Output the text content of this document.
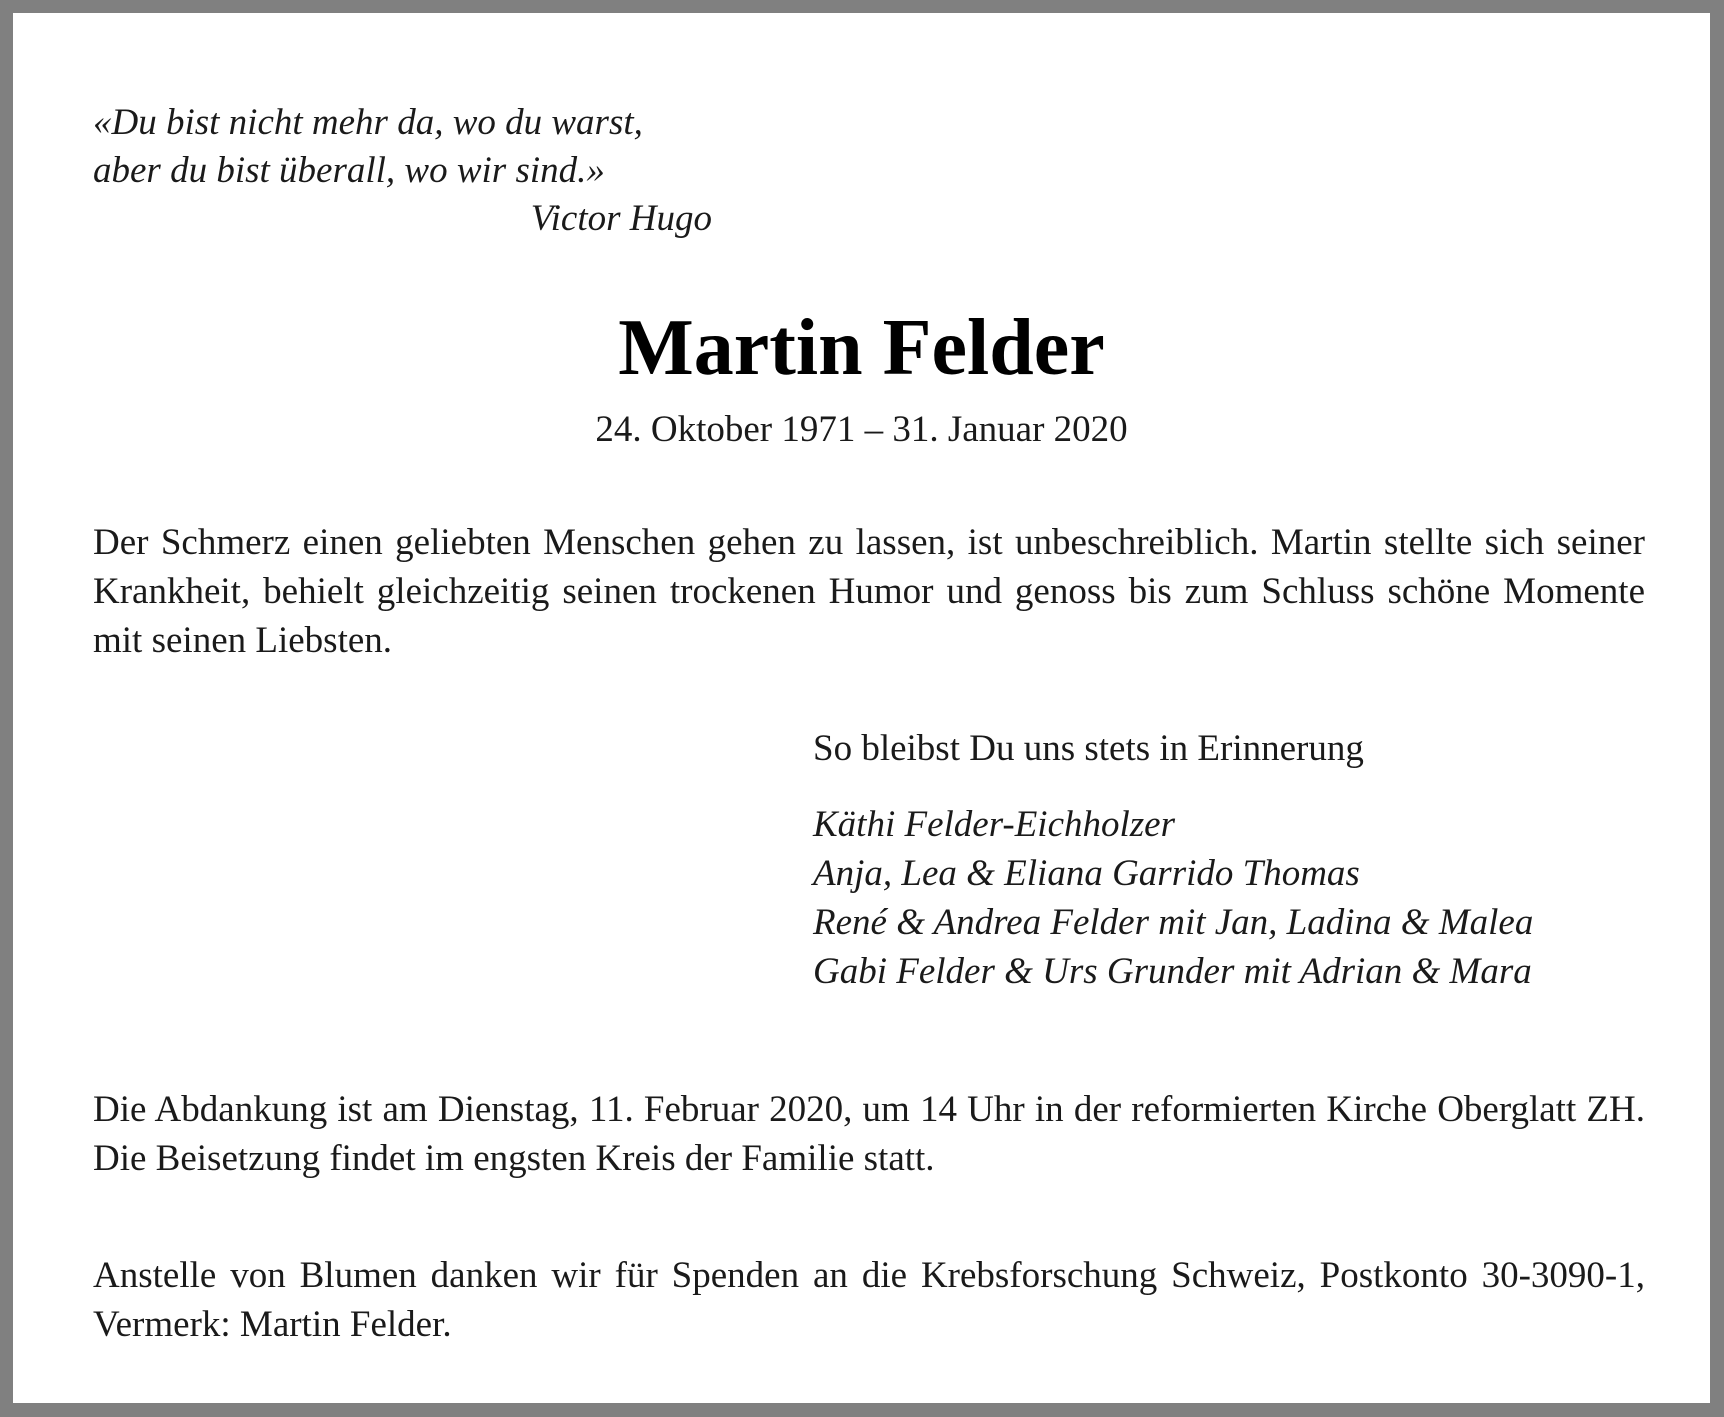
«Du bist nicht mehr da, wo du warst,
aber du bist überall, wo wir sind.»
Victor Hugo
Martin Felder
24. Oktober 1971 – 31. Januar 2020
Der Schmerz einen geliebten Menschen gehen zu lassen, ist unbeschreiblich. Martin stellte sich seiner Krankheit, behielt gleichzeitig seinen trockenen Humor und genoss bis zum Schluss schöne Momente mit seinen Liebsten.
So bleibst Du uns stets in Erinnerung
Käthi Felder-Eichholzer
Anja, Lea & Eliana Garrido Thomas
René & Andrea Felder mit Jan, Ladina & Malea
Gabi Felder & Urs Grunder mit Adrian & Mara
Die Abdankung ist am Dienstag, 11. Februar 2020, um 14 Uhr in der reformierten Kirche Oberglatt ZH. Die Beisetzung findet im engsten Kreis der Familie statt.
Anstelle von Blumen danken wir für Spenden an die Krebsforschung Schweiz, Postkonto 30-3090-1, Vermerk: Martin Felder.
